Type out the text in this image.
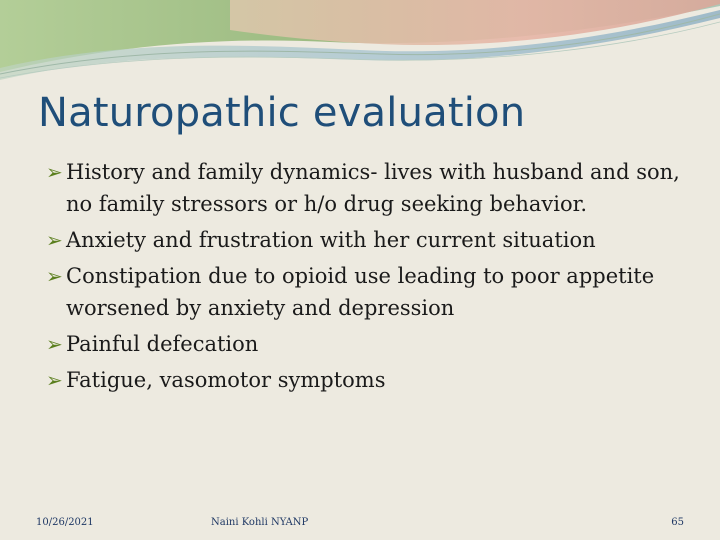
Naturopathic evaluation
➢ History and family dynamics- lives with husband and son, no family stressors or h/o drug seeking behavior.
➢ Anxiety and frustration with her current situation
➢ Constipation due to opioid use leading to poor appetite worsened by anxiety and depression
➢ Painful defecation
➢ Fatigue, vasomotor symptoms
10/26/2021	Naini Kohli NYANP	65
